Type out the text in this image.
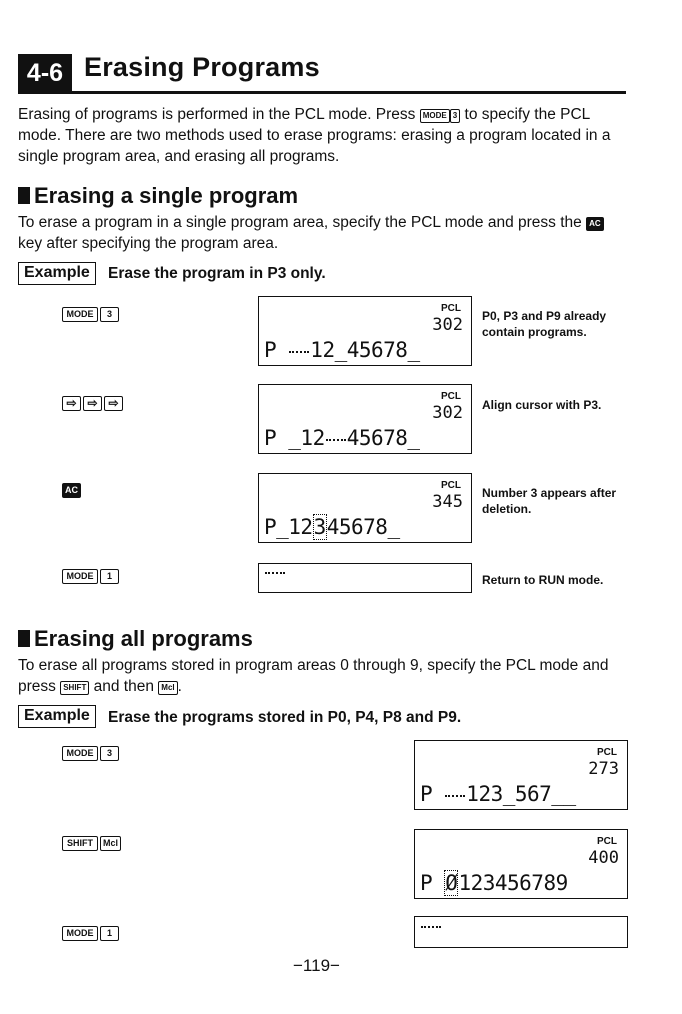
4-6 Erasing Programs
Erasing of programs is performed in the PCL mode. Press MODE 3 to specify the PCL mode. There are two methods used to erase programs: erasing a program located in a single program area, and erasing all programs.
Erasing a single program
To erase a program in a single program area, specify the PCL mode and press the AC key after specifying the program area.
Example	Erase the program in P3 only.
MODE 3
PCL
302
P 12_45678_
P0, P3 and P9 already contain programs.
⇨ ⇨ ⇨	PCL
302
P _12 45678_
Align cursor with P3.
AC	PCL
345
P_12345678_
Number 3 appears after deletion.
MODE 1	Return to RUN mode.
Erasing all programs
To erase all programs stored in program areas 0 through 9, specify the PCL mode and press SHIFT and then Mcl .
Example	Erase the programs stored in P0, P4, P8 and P9.
MODE 3	PCL
273
P 123_567__
SHIFT Mcl	PCL
400
P Ø123456789
MODE 1
−119−
